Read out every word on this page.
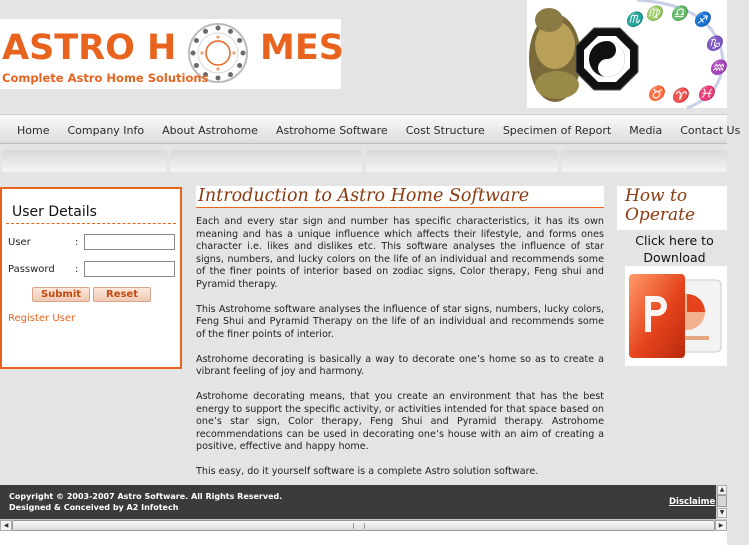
ASTRO H MES
Complete Astro Home Solutions
♏ ♍ ♎ ♐
♑
♒
♓
♈
♉
Home	Company Info	About Astrohome	Astrohome Software	Cost Structure	Specimen of Report	Media	Contact Us
User Details
User	:
Password	:
Submit	Reset
Register User
Introduction to Astro Home Software

Each and every star sign and number has specific characteristics, it has its own meaning and has a unique influence which affects their lifestyle, and forms ones character i.e. likes and dislikes etc. This software analyses the influence of star signs, numbers, and lucky colors on the life of an individual and recommends some of the finer points of interior based on zodiac signs, Color therapy, Feng shui and Pyramid therapy.

This Astrohome software analyses the influence of star signs, numbers, lucky colors, Feng Shui and Pyramid Therapy on the life of an individual and recommends some of the finer points of interior.

Astrohome decorating is basically a way to decorate one’s home so as to create a vibrant feeling of joy and harmony.

Astrohome decorating means, that you create an environment that has the best energy to support the specific activity, or activities intended for that space based on one’s star sign, Color therapy, Feng Shui and Pyramid therapy. Astrohome recommendations can be used in decorating one’s house with an aim of creating a positive, effective and happy home.

This easy, do it yourself software is a complete Astro solution software.

How to
Operate
Click here to Download
Copyright © 2003-2007 Astro Software. All Rights Reserved.
Designed & Conceived by A2 Infotech
Disclaime
▲
▼
◀	▶
